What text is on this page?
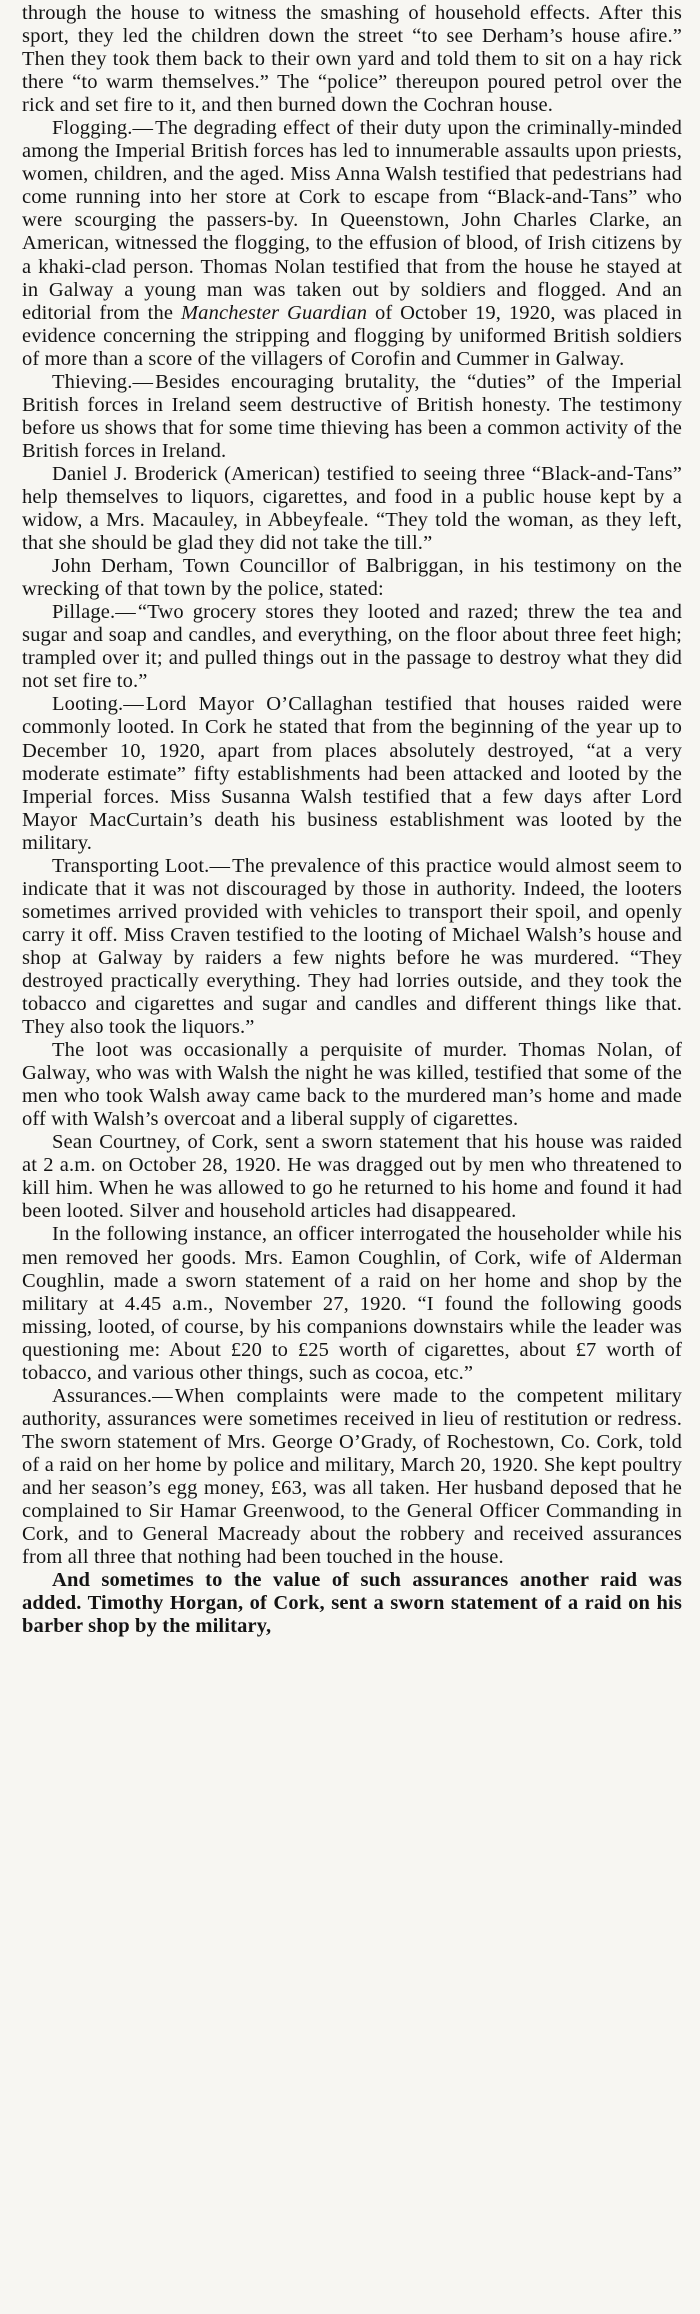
through the house to witness the smashing of household effects. After this sport, they led the children down the street “to see Derham’s house afire.” Then they took them back to their own yard and told them to sit on a hay rick there “to warm themselves.” The “police” thereupon poured petrol over the rick and set fire to it, and then burned down the Cochran house.

Flogging.—The degrading effect of their duty upon the criminally-minded among the Imperial British forces has led to innumerable assaults upon priests, women, children, and the aged. Miss Anna Walsh testified that pedestrians had come running into her store at Cork to escape from “Black-and-Tans” who were scourging the passers-by. In Queenstown, John Charles Clarke, an American, witnessed the flogging, to the effusion of blood, of Irish citizens by a khaki-clad person. Thomas Nolan testified that from the house he stayed at in Galway a young man was taken out by soldiers and flogged. And an editorial from the Manchester Guardian of October 19, 1920, was placed in evidence concerning the stripping and flogging by uniformed British soldiers of more than a score of the villagers of Corofin and Cummer in Galway.

Thieving.—Besides encouraging brutality, the “duties” of the Imperial British forces in Ireland seem destructive of British honesty. The testimony before us shows that for some time thieving has been a common activity of the British forces in Ireland.

Daniel J. Broderick (American) testified to seeing three “Black-and-Tans” help themselves to liquors, cigarettes, and food in a public house kept by a widow, a Mrs. Macauley, in Abbeyfeale. “They told the woman, as they left, that she should be glad they did not take the till.”

John Derham, Town Councillor of Balbriggan, in his testimony on the wrecking of that town by the police, stated:

Pillage.—“Two grocery stores they looted and razed; threw the tea and sugar and soap and candles, and everything, on the floor about three feet high; trampled over it; and pulled things out in the passage to destroy what they did not set fire to.”

Looting.—Lord Mayor O’Callaghan testified that houses raided were commonly looted. In Cork he stated that from the beginning of the year up to December 10, 1920, apart from places absolutely destroyed, “at a very moderate estimate” fifty establishments had been attacked and looted by the Imperial forces. Miss Susanna Walsh testified that a few days after Lord Mayor MacCurtain’s death his business establishment was looted by the military.

Transporting Loot.—The prevalence of this practice would almost seem to indicate that it was not discouraged by those in authority. Indeed, the looters sometimes arrived provided with vehicles to transport their spoil, and openly carry it off. Miss Craven testified to the looting of Michael Walsh’s house and shop at Galway by raiders a few nights before he was murdered. “They destroyed practically everything. They had lorries outside, and they took the tobacco and cigarettes and sugar and candles and different things like that. They also took the liquors.”

The loot was occasionally a perquisite of murder. Thomas Nolan, of Galway, who was with Walsh the night he was killed, testified that some of the men who took Walsh away came back to the murdered man’s home and made off with Walsh’s overcoat and a liberal supply of cigarettes.

Sean Courtney, of Cork, sent a sworn statement that his house was raided at 2 a.m. on October 28, 1920. He was dragged out by men who threatened to kill him. When he was allowed to go he returned to his home and found it had been looted. Silver and household articles had disappeared.

In the following instance, an officer interrogated the householder while his men removed her goods. Mrs. Eamon Coughlin, of Cork, wife of Alderman Coughlin, made a sworn statement of a raid on her home and shop by the military at 4.45 a.m., November 27, 1920. “I found the following goods missing, looted, of course, by his companions downstairs while the leader was questioning me: About £20 to £25 worth of cigarettes, about £7 worth of tobacco, and various other things, such as cocoa, etc.”

Assurances.—When complaints were made to the competent military authority, assurances were sometimes received in lieu of restitution or redress. The sworn statement of Mrs. George O’Grady, of Rochestown, Co. Cork, told of a raid on her home by police and military, March 20, 1920. She kept poultry and her season’s egg money, £63, was all taken. Her husband deposed that he complained to Sir Hamar Greenwood, to the General Officer Commanding in Cork, and to General Macready about the robbery and received assurances from all three that nothing had been touched in the house.

And sometimes to the value of such assurances another raid was added. Timothy Horgan, of Cork, sent a sworn statement of a raid on his barber shop by the military,
